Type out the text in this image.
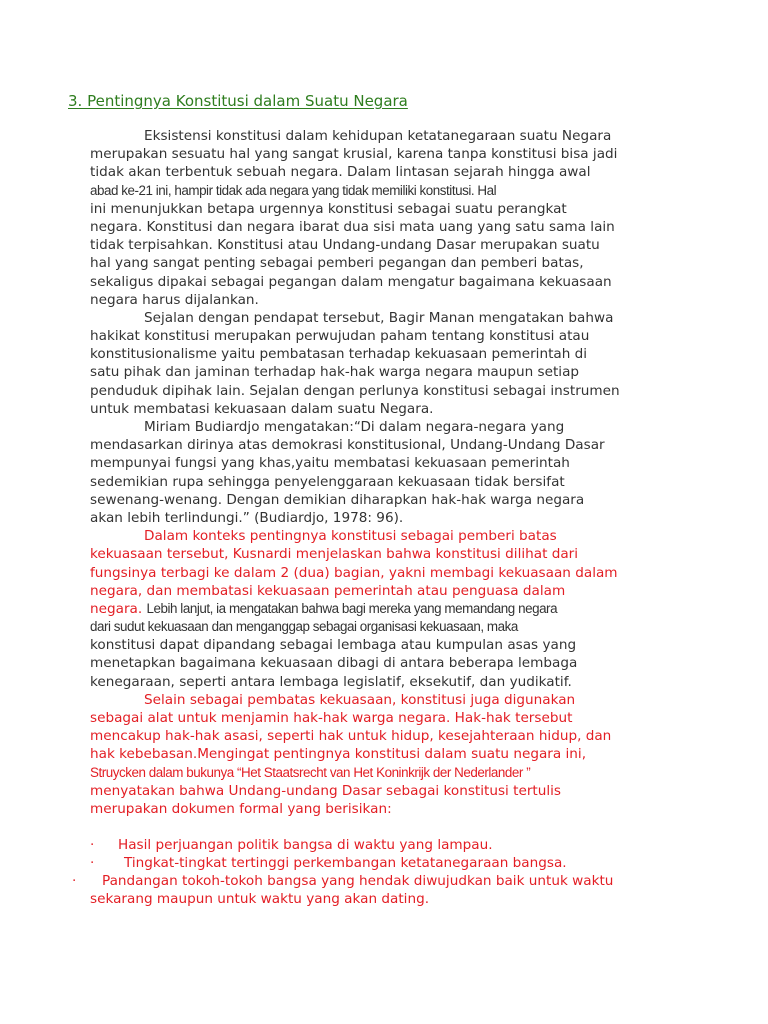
3. Pentingnya Konstitusi dalam Suatu Negara
Eksistensi konstitusi dalam kehidupan ketatanegaraan suatu Negara
merupakan sesuatu hal yang sangat krusial, karena tanpa konstitusi bisa jadi
tidak akan terbentuk sebuah negara. Dalam lintasan sejarah hingga awal
abad ke-21 ini, hampir tidak ada negara yang tidak memiliki konstitusi. Hal
ini menunjukkan betapa urgennya konstitusi sebagai suatu perangkat
negara. Konstitusi dan negara ibarat dua sisi mata uang yang satu sama lain
tidak terpisahkan. Konstitusi atau Undang-undang Dasar merupakan suatu
hal yang sangat penting sebagai pemberi pegangan dan pemberi batas,
sekaligus dipakai sebagai pegangan dalam mengatur bagaimana kekuasaan
negara harus dijalankan.
Sejalan dengan pendapat tersebut, Bagir Manan mengatakan bahwa
hakikat konstitusi merupakan perwujudan paham tentang konstitusi atau
konstitusionalisme yaitu pembatasan terhadap kekuasaan pemerintah di
satu pihak dan jaminan terhadap hak-hak warga negara maupun setiap
penduduk dipihak lain. Sejalan dengan perlunya konstitusi sebagai instrumen
untuk membatasi kekuasaan dalam suatu Negara.
Miriam Budiardjo mengatakan:“Di dalam negara-negara yang
mendasarkan dirinya atas demokrasi konstitusional, Undang-Undang Dasar
mempunyai fungsi yang khas,yaitu membatasi kekuasaan pemerintah
sedemikian rupa sehingga penyelenggaraan kekuasaan tidak bersifat
sewenang-wenang. Dengan demikian diharapkan hak-hak warga negara
akan lebih terlindungi.” (Budiardjo, 1978: 96).
Dalam konteks pentingnya konstitusi sebagai pemberi batas
kekuasaan tersebut, Kusnardi menjelaskan bahwa konstitusi dilihat dari
fungsinya terbagi ke dalam 2 (dua) bagian, yakni membagi kekuasaan dalam
negara, dan membatasi kekuasaan pemerintah atau penguasa dalam
negara. Lebih lanjut, ia mengatakan bahwa bagi mereka yang memandang negara
dari sudut kekuasaan dan menganggap sebagai organisasi kekuasaan, maka
konstitusi dapat dipandang sebagai lembaga atau kumpulan asas yang
menetapkan bagaimana kekuasaan dibagi di antara beberapa lembaga
kenegaraan, seperti antara lembaga legislatif, eksekutif, dan yudikatif.
Selain sebagai pembatas kekuasaan, konstitusi juga digunakan
sebagai alat untuk menjamin hak-hak warga negara. Hak-hak tersebut
mencakup hak-hak asasi, seperti hak untuk hidup, kesejahteraan hidup, dan
hak kebebasan.Mengingat pentingnya konstitusi dalam suatu negara ini,
Struycken dalam bukunya “Het Staatsrecht van Het Koninkrijk der Nederlander ”
menyatakan bahwa Undang-undang Dasar sebagai konstitusi tertulis
merupakan dokumen formal yang berisikan:
· Hasil perjuangan politik bangsa di waktu yang lampau.
· Tingkat-tingkat tertinggi perkembangan ketatanegaraan bangsa.
· Pandangan tokoh-tokoh bangsa yang hendak diwujudkan baik untuk waktu
sekarang maupun untuk waktu yang akan dating.
